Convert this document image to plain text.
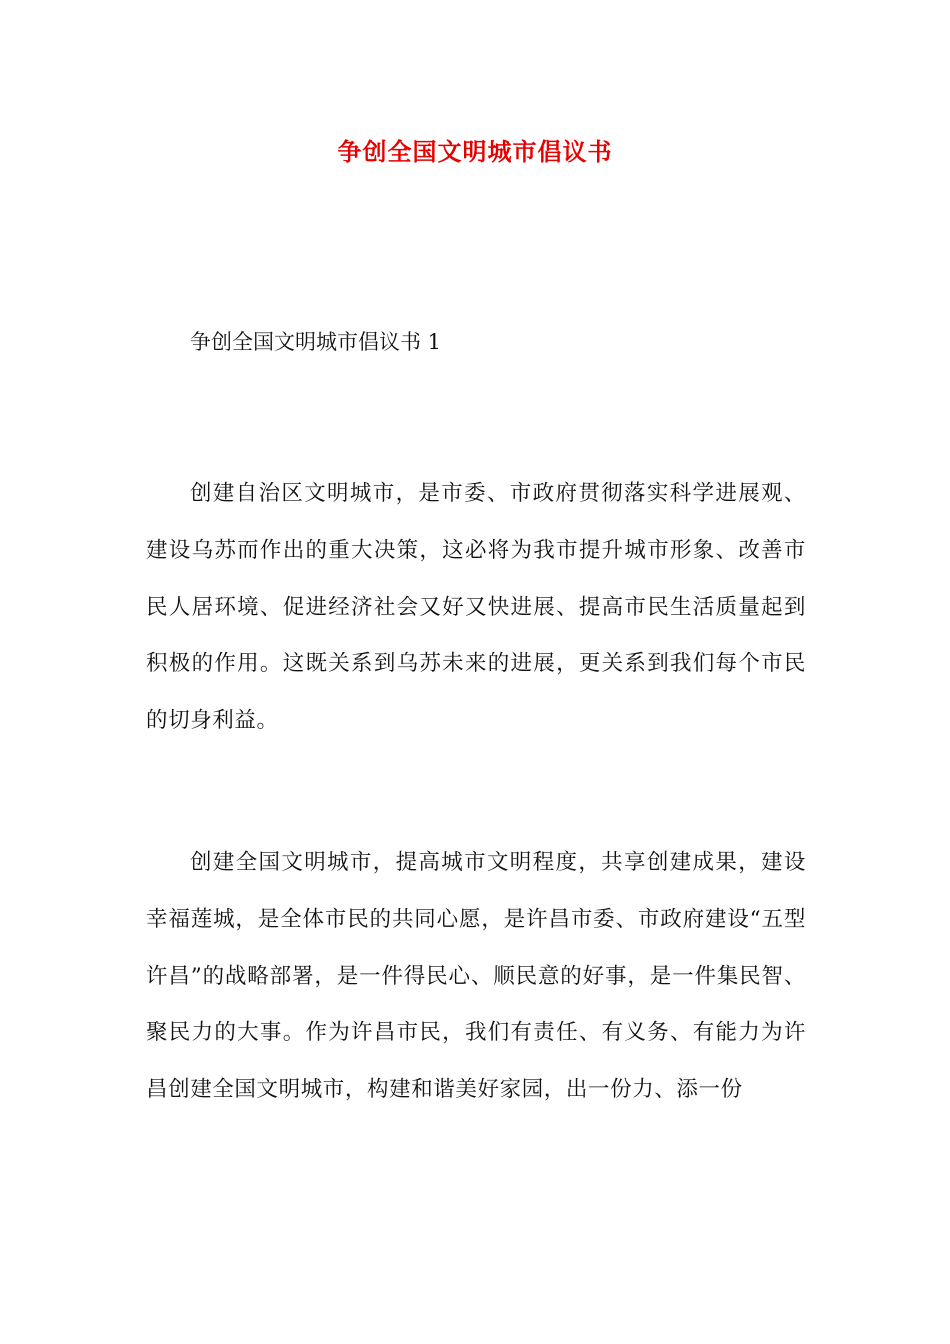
争创全国文明城市倡议书

争创全国文明城市倡议书 1

创建自治区文明城市，是市委、市政府贯彻落实科学进展观、建设乌苏而作出的重大决策，这必将为我市提升城市形象、改善市民人居环境、促进经济社会又好又快进展、提高市民生活质量起到积极的作用。这既关系到乌苏未来的进展，更关系到我们每个市民的切身利益。

创建全国文明城市，提高城市文明程度，共享创建成果，建设幸福莲城，是全体市民的共同心愿，是许昌市委、市政府建设“五型许昌”的战略部署，是一件得民心、顺民意的好事，是一件集民智、聚民力的大事。作为许昌市民，我们有责任、有义务、有能力为许昌创建全国文明城市，构建和谐美好家园，出一份力、添一份
